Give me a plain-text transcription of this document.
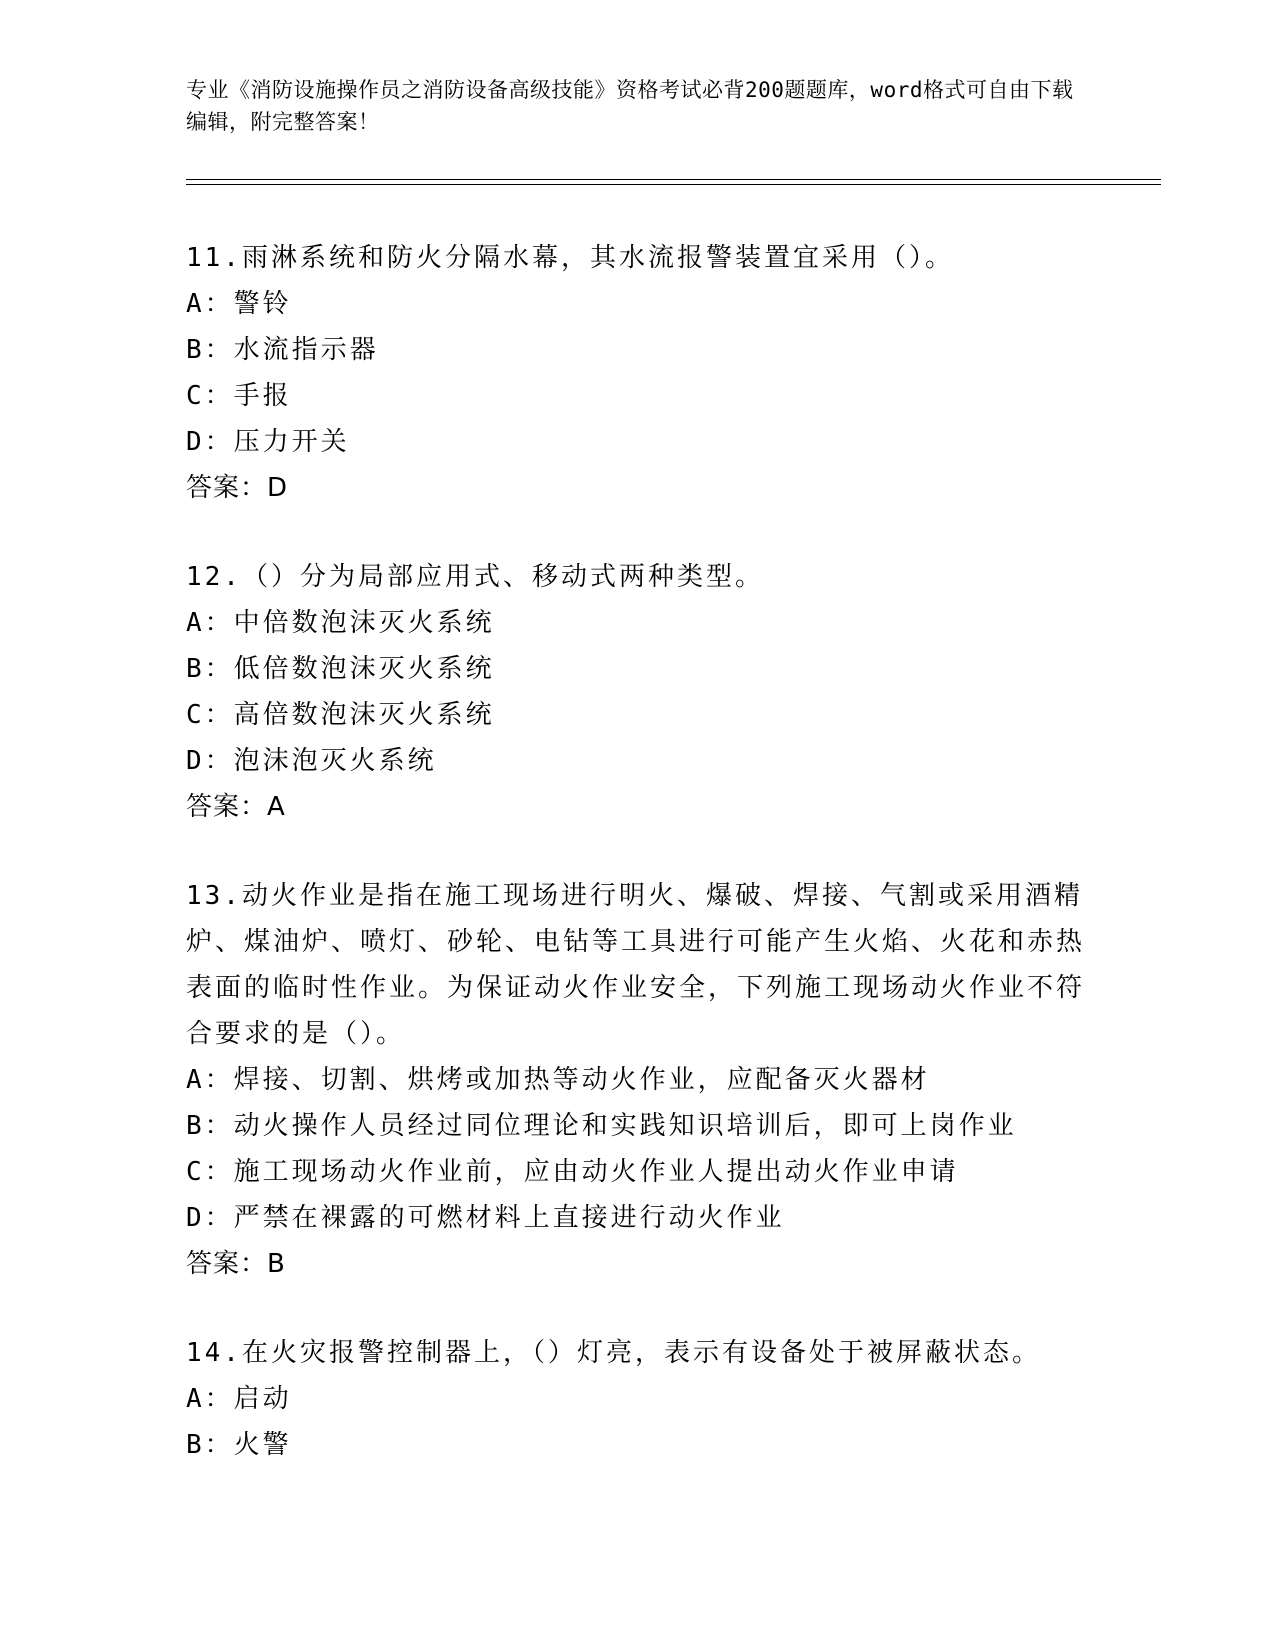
专业《消防设施操作员之消防设备高级技能》资格考试必背200题题库，word格式可自由下载编辑，附完整答案！

11.雨淋系统和防火分隔水幕，其水流报警装置宜采用（）。

A：警铃

B：水流指示器

C：手报

D：压力开关

答案：D

12.（）分为局部应用式、移动式两种类型。

A：中倍数泡沫灭火系统

B：低倍数泡沫灭火系统

C：高倍数泡沫灭火系统

D：泡沫泡灭火系统

答案：A

13.动火作业是指在施工现场进行明火、爆破、焊接、气割或采用酒精炉、煤油炉、喷灯、砂轮、电钻等工具进行可能产生火焰、火花和赤热表面的临时性作业。为保证动火作业安全，下列施工现场动火作业不符合要求的是（）。

A：焊接、切割、烘烤或加热等动火作业，应配备灭火器材

B：动火操作人员经过同位理论和实践知识培训后，即可上岗作业

C：施工现场动火作业前，应由动火作业人提出动火作业申请

D：严禁在裸露的可燃材料上直接进行动火作业

答案：B

14.在火灾报警控制器上，（）灯亮，表示有设备处于被屏蔽状态。

A：启动

B：火警
